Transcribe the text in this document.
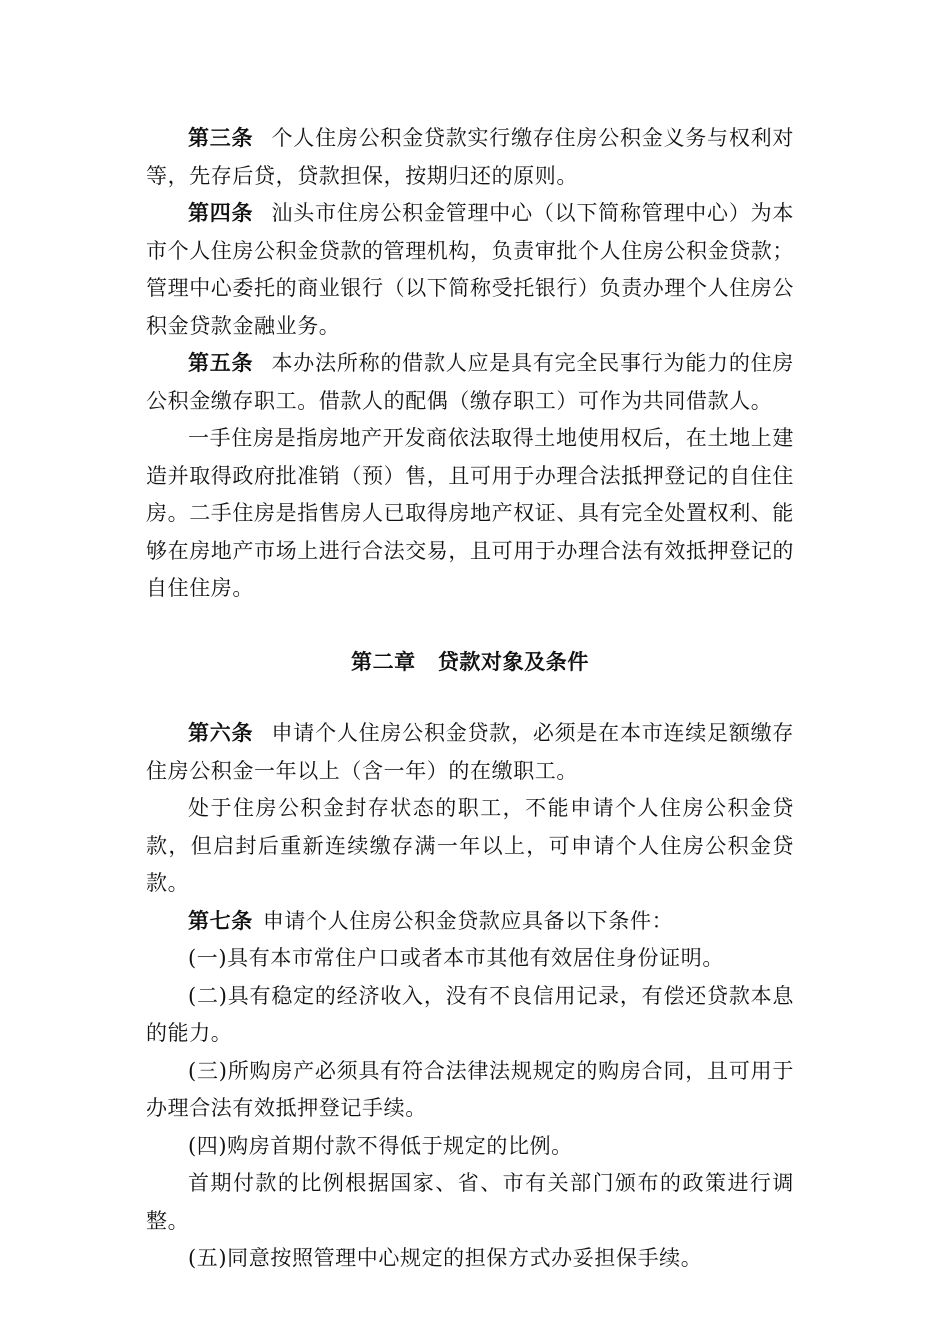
第三条 个人住房公积金贷款实行缴存住房公积金义务与权利对等，先存后贷，贷款担保，按期归还的原则。

第四条 汕头市住房公积金管理中心（以下简称管理中心）为本市个人住房公积金贷款的管理机构，负责审批个人住房公积金贷款；管理中心委托的商业银行（以下简称受托银行）负责办理个人住房公积金贷款金融业务。

第五条 本办法所称的借款人应是具有完全民事行为能力的住房公积金缴存职工。借款人的配偶（缴存职工）可作为共同借款人。

一手住房是指房地产开发商依法取得土地使用权后，在土地上建造并取得政府批准销（预）售，且可用于办理合法抵押登记的自住住房。二手住房是指售房人已取得房地产权证、具有完全处置权利、能够在房地产市场上进行合法交易，且可用于办理合法有效抵押登记的自住住房。

第二章 贷款对象及条件

第六条 申请个人住房公积金贷款，必须是在本市连续足额缴存住房公积金一年以上（含一年）的在缴职工。

处于住房公积金封存状态的职工，不能申请个人住房公积金贷款，但启封后重新连续缴存满一年以上，可申请个人住房公积金贷款。

第七条 申请个人住房公积金贷款应具备以下条件：

(一)具有本市常住户口或者本市其他有效居住身份证明。

(二)具有稳定的经济收入，没有不良信用记录，有偿还贷款本息的能力。

(三)所购房产必须具有符合法律法规规定的购房合同，且可用于办理合法有效抵押登记手续。

(四)购房首期付款不得低于规定的比例。

首期付款的比例根据国家、省、市有关部门颁布的政策进行调整。

(五)同意按照管理中心规定的担保方式办妥担保手续。
